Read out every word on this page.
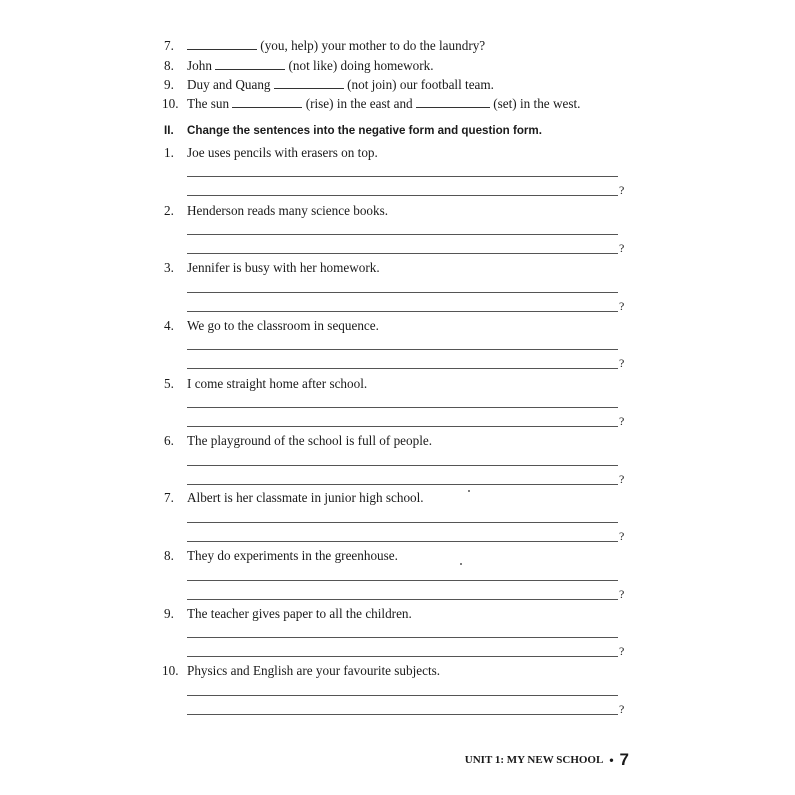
7.	(you, help) your mother to do the laundry?
8. John	(not like) doing homework.
9. Duy and Quang	(not join) our football team.
10. The sun	(rise) in the east and	(set) in the west.
II. Change the sentences into the negative form and question form.
1. Joe uses pencils with erasers on top.
?
2. Henderson reads many science books.
?
3. Jennifer is busy with her homework.
?
4. We go to the classroom in sequence.
?
5. I come straight home after school.
?
6. The playground of the school is full of people.
?
7. Albert is her classmate in junior high school.
?
8. They do experiments in the greenhouse.
?
9. The teacher gives paper to all the children.
?
10. Physics and English are your favourite subjects.
?
UNIT 1: MY NEW SCHOOL • 7
